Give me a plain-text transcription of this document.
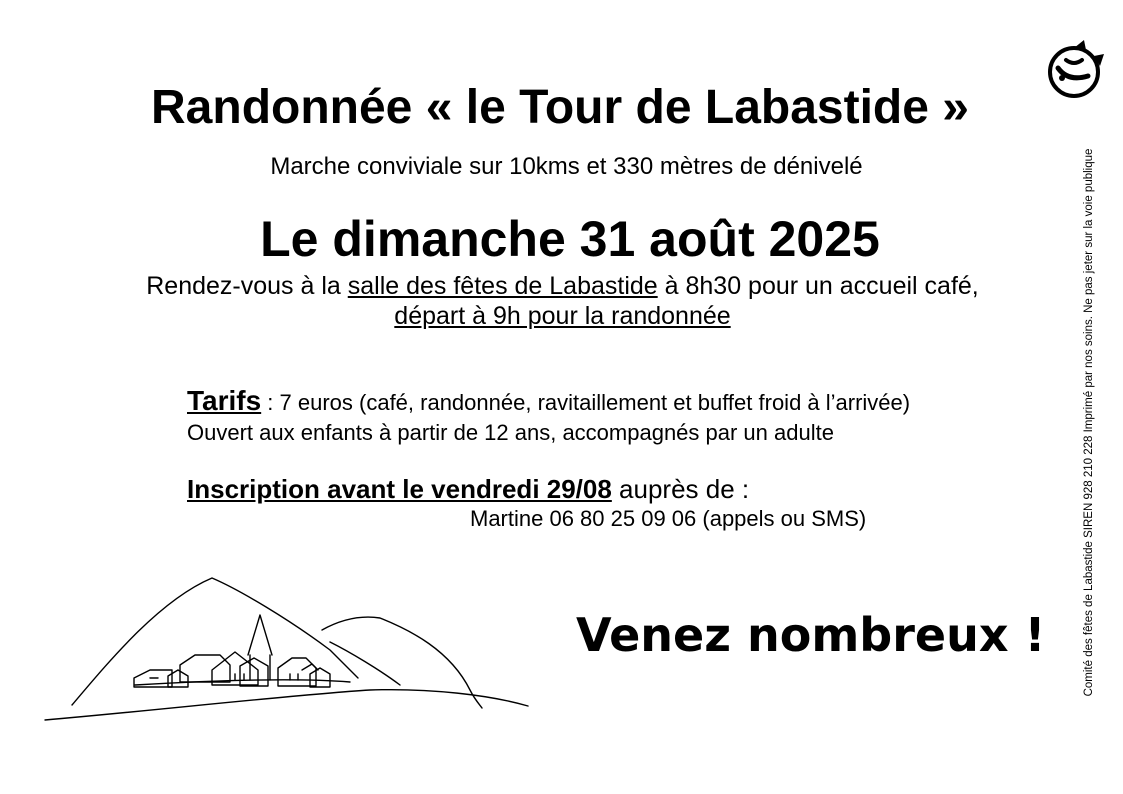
Randonnée « le Tour de Labastide »
Marche conviviale sur 10kms et 330 mètres de dénivelé
Le dimanche 31 août 2025
Rendez-vous à la salle des fêtes de Labastide à 8h30 pour un accueil café,
départ à 9h pour la randonnée
Tarifs : 7 euros (café, randonnée, ravitaillement et buffet froid à l’arrivée)
Ouvert aux enfants à partir de 12 ans, accompagnés par un adulte
Inscription avant le vendredi 29/08 auprès de :
Martine 06 80 25 09 06 (appels ou SMS)
Venez nombreux !	Comité des fêtes de Labastide SIREN 928 210 228 Imprimé par nos soins. Ne pas jeter sur la voie publique
